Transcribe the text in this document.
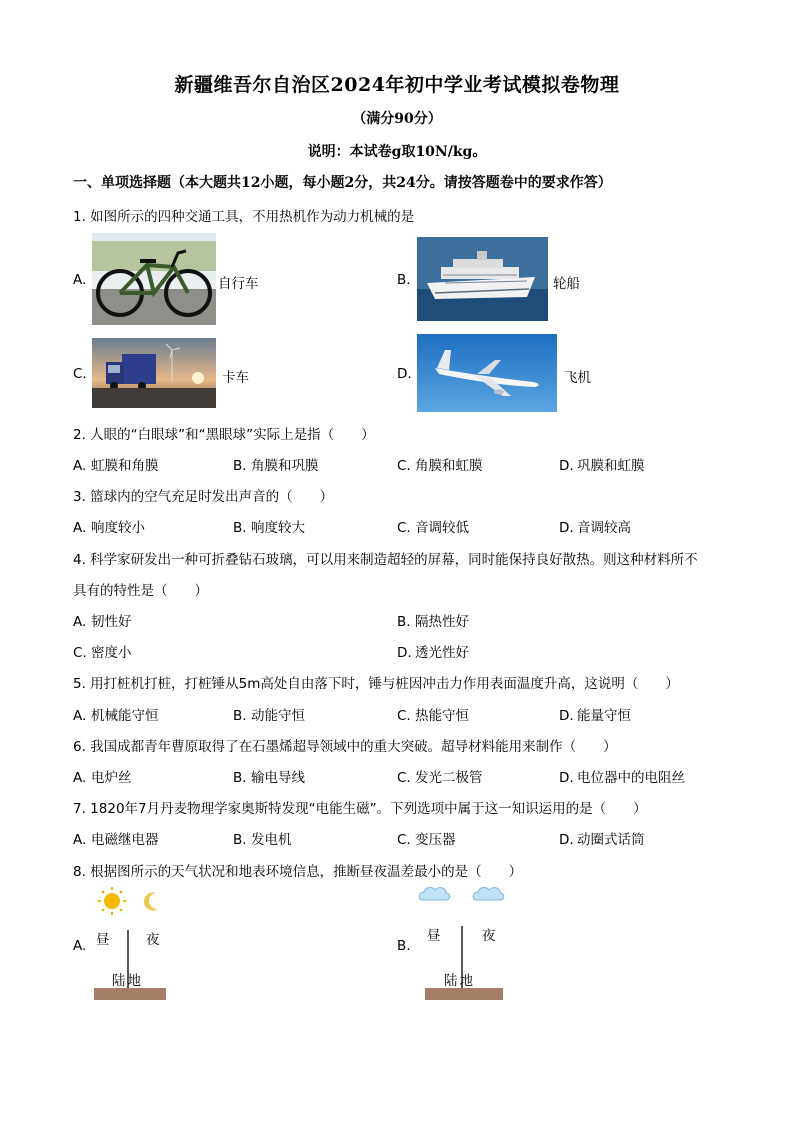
新疆维吾尔自治区2024年初中学业考试模拟卷物理
（满分90分）
说明：本试卷g取10N/kg。
一、单项选择题（本大题共12小题，每小题2分，共24分。请按答题卷中的要求作答）
1. 如图所示的四种交通工具，不用热机作为动力机械的是
A.	自行车	B.	轮船
C.	卡车	D.	飞机
2. 人眼的“白眼球”和“黑眼球”实际上是指（　　）
A. 虹膜和角膜	B. 角膜和巩膜	C. 角膜和虹膜	D. 巩膜和虹膜
3. 篮球内的空气充足时发出声音的（　　）
A. 响度较小	B. 响度较大	C. 音调较低	D. 音调较高
4. 科学家研发出一种可折叠钻石玻璃，可以用来制造超轻的屏幕，同时能保持良好散热。则这种材料所不
具有的特性是（　　）
A. 韧性好	B. 隔热性好
C. 密度小	D. 透光性好
5. 用打桩机打桩，打桩锤从5m高处自由落下时，锤与桩因冲击力作用表面温度升高，这说明（　　）
A. 机械能守恒	B. 动能守恒	C. 热能守恒	D. 能量守恒
6. 我国成都青年曹原取得了在石墨烯超导领域中的重大突破。超导材料能用来制作（　　）
A. 电炉丝	B. 输电导线	C. 发光二极管	D. 电位器中的电阻丝
7. 1820年7月丹麦物理学家奥斯特发现“电能生磁”。下列选项中属于这一知识运用的是（　　）
A. 电磁继电器	B. 发电机	C. 变压器	D. 动圈式话筒
8. 根据图所示的天气状况和地表环境信息，推断昼夜温差最小的是（　　）
A. 昼	夜
陆地
B.
昼	夜
陆地
